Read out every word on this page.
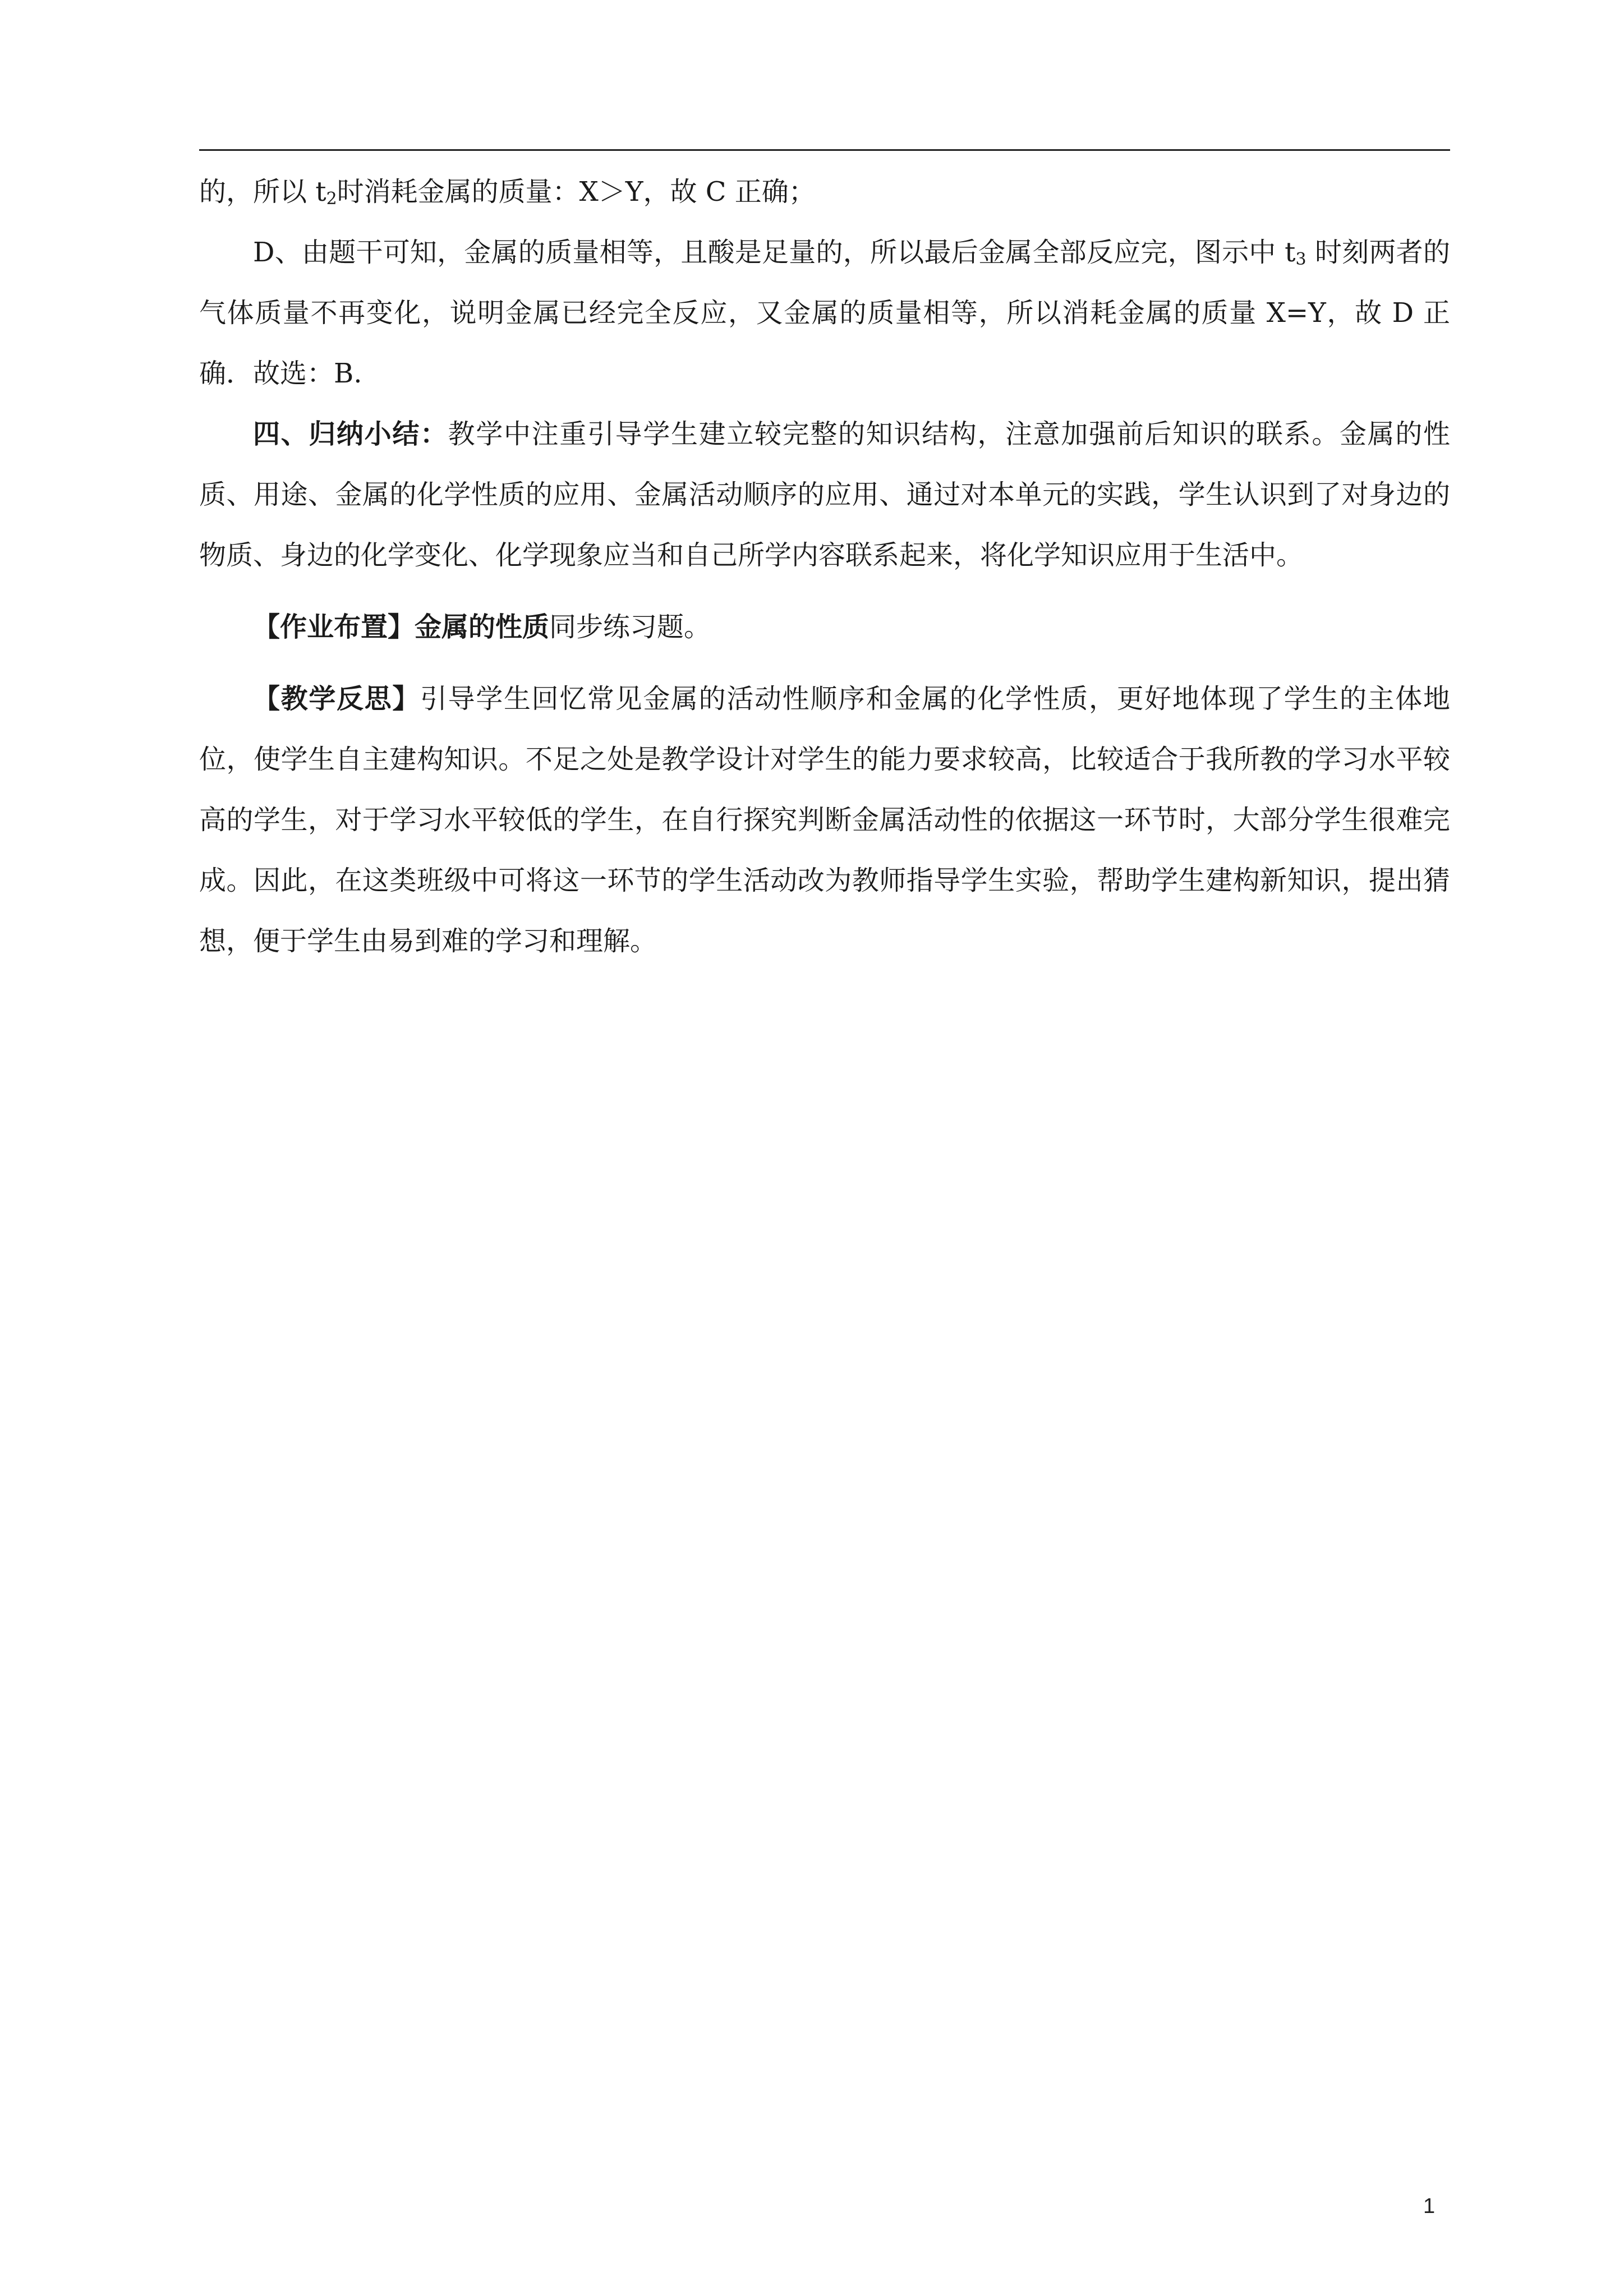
的，所以 $t_2$时消耗金属的质量：X＞Y，故 C 正确；

D、由题干可知，金属的质量相等，且酸是足量的，所以最后金属全部反应完，图示中 $t_3$ 时刻两者的气体质量不再变化，说明金属已经完全反应，又金属的质量相等，所以消耗金属的质量 X=Y，故 D 正确．故选：B.

四、归纳小结：教学中注重引导学生建立较完整的知识结构，注意加强前后知识的联系。金属的性质、用途、金属的化学性质的应用、金属活动顺序的应用、通过对本单元的实践，学生认识到了对身边的物质、身边的化学变化、化学现象应当和自己所学内容联系起来，将化学知识应用于生活中。

【作业布置】金属的性质同步练习题。

【教学反思】引导学生回忆常见金属的活动性顺序和金属的化学性质，更好地体现了学生的主体地位，使学生自主建构知识。不足之处是教学设计对学生的能力要求较高，比较适合于我所教的学习水平较高的学生，对于学习水平较低的学生，在自行探究判断金属活动性的依据这一环节时，大部分学生很难完成。因此，在这类班级中可将这一环节的学生活动改为教师指导学生实验，帮助学生建构新知识，提出猜想，便于学生由易到难的学习和理解。

1
